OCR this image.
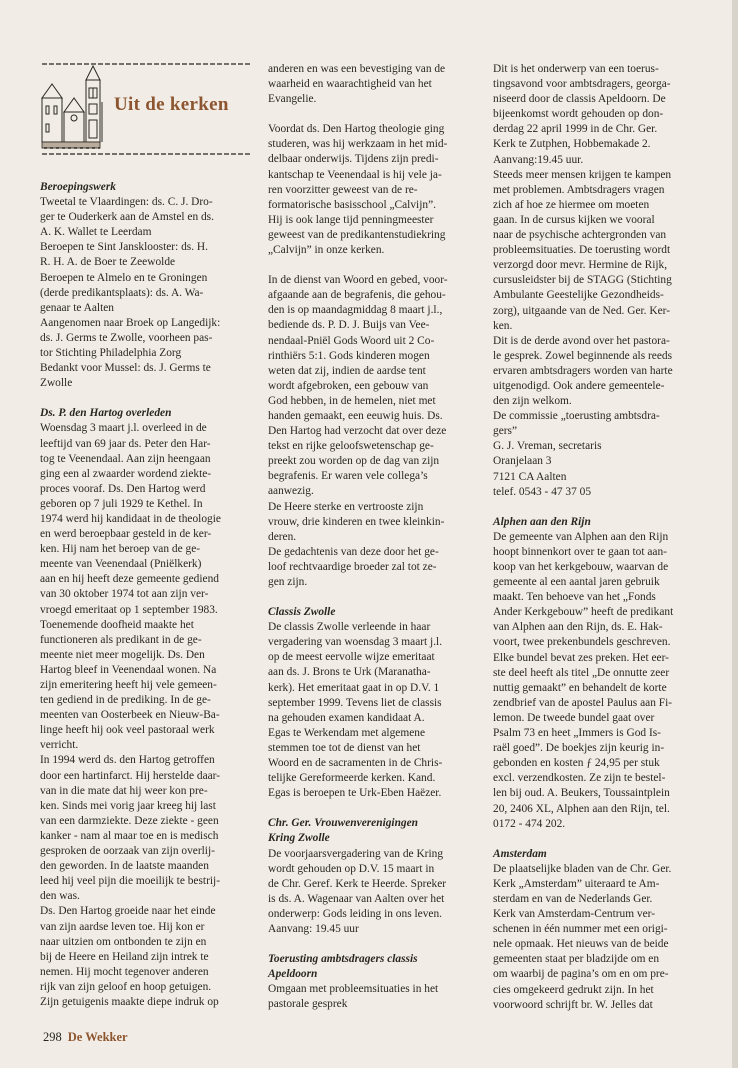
Uit de kerken
Beroepingswerk
Tweetal te Vlaardingen: ds. C. J. Dro-
ger te Ouderkerk aan de Amstel en ds.
A. K. Wallet te Leerdam
Beroepen te Sint Jansklooster: ds. H.
R. H. A. de Boer te Zeewolde
Beroepen te Almelo en te Groningen
(derde predikantsplaats): ds. A. Wa-
genaar te Aalten
Aangenomen naar Broek op Langedijk:
ds. J. Germs te Zwolle, voorheen pas-
tor Stichting Philadelphia Zorg
Bedankt voor Mussel: ds. J. Germs te
Zwolle
Ds. P. den Hartog overleden
Woensdag 3 maart j.l. overleed in de
leeftijd van 69 jaar ds. Peter den Har-
tog te Veenendaal. Aan zijn heengaan
ging een al zwaarder wordend ziekte-
proces vooraf. Ds. Den Hartog werd
geboren op 7 juli 1929 te Kethel. In
1974 werd hij kandidaat in de theologie
en werd beroepbaar gesteld in de ker-
ken. Hij nam het beroep van de ge-
meente van Veenendaal (Pniëlkerk)
aan en hij heeft deze gemeente gediend
van 30 oktober 1974 tot aan zijn ver-
vroegd emeritaat op 1 september 1983.
Toenemende doofheid maakte het
functioneren als predikant in de ge-
meente niet meer mogelijk. Ds. Den
Hartog bleef in Veenendaal wonen. Na
zijn emeritering heeft hij vele gemeen-
ten gediend in de prediking. In de ge-
meenten van Oosterbeek en Nieuw-Ba-
linge heeft hij ook veel pastoraal werk
verricht.
In 1994 werd ds. den Hartog getroffen
door een hartinfarct. Hij herstelde daar-
van in die mate dat hij weer kon pre-
ken. Sinds mei vorig jaar kreeg hij last
van een darmziekte. Deze ziekte - geen
kanker - nam al maar toe en is medisch
gesproken de oorzaak van zijn overlij-
den geworden. In de laatste maanden
leed hij veel pijn die moeilijk te bestrij-
den was.
Ds. Den Hartog groeide naar het einde
van zijn aardse leven toe. Hij kon er
naar uitzien om ontbonden te zijn en
bij de Heere en Heiland zijn intrek te
nemen. Hij mocht tegenover anderen
rijk van zijn geloof en hoop getuigen.
Zijn getuigenis maakte diepe indruk op
anderen en was een bevestiging van de
waarheid en waarachtigheid van het
Evangelie.
Voordat ds. Den Hartog theologie ging
studeren, was hij werkzaam in het mid-
delbaar onderwijs. Tijdens zijn predi-
kantschap te Veenendaal is hij vele ja-
ren voorzitter geweest van de re-
formatorische basisschool „Calvijn”.
Hij is ook lange tijd penningmeester
geweest van de predikantenstudiekring
„Calvijn” in onze kerken.
In de dienst van Woord en gebed, voor-
afgaande aan de begrafenis, die gehou-
den is op maandagmiddag 8 maart j.l.,
bediende ds. P. D. J. Buijs van Vee-
nendaal-Pniël Gods Woord uit 2 Co-
rinthiërs 5:1. Gods kinderen mogen
weten dat zij, indien de aardse tent
wordt afgebroken, een gebouw van
God hebben, in de hemelen, niet met
handen gemaakt, een eeuwig huis. Ds.
Den Hartog had verzocht dat over deze
tekst en rijke geloofswetenschap ge-
preekt zou worden op de dag van zijn
begrafenis. Er waren vele collega’s
aanwezig.
De Heere sterke en vertrooste zijn
vrouw, drie kinderen en twee kleinkin-
deren.
De gedachtenis van deze door het ge-
loof rechtvaardige broeder zal tot ze-
gen zijn.
Classis Zwolle
De classis Zwolle verleende in haar
vergadering van woensdag 3 maart j.l.
op de meest eervolle wijze emeritaat
aan ds. J. Brons te Urk (Maranatha-
kerk). Het emeritaat gaat in op D.V. 1
september 1999. Tevens liet de classis
na gehouden examen kandidaat A.
Egas te Werkendam met algemene
stemmen toe tot de dienst van het
Woord en de sacramenten in de Chris-
telijke Gereformeerde kerken. Kand.
Egas is beroepen te Urk-Eben Haëzer.
Chr. Ger. Vrouwenverenigingen
Kring Zwolle
De voorjaarsvergadering van de Kring
wordt gehouden op D.V. 15 maart in
de Chr. Geref. Kerk te Heerde. Spreker
is ds. A. Wagenaar van Aalten over het
onderwerp: Gods leiding in ons leven.
Aanvang: 19.45 uur
Toerusting ambtsdragers classis
Apeldoorn
Omgaan met probleemsituaties in het
pastorale gesprek
Dit is het onderwerp van een toerus-
tingsavond voor ambtsdragers, georga-
niseerd door de classis Apeldoorn. De
bijeenkomst wordt gehouden op don-
derdag 22 april 1999 in de Chr. Ger.
Kerk te Zutphen, Hobbemakade 2.
Aanvang:19.45 uur.
Steeds meer mensen krijgen te kampen
met problemen. Ambtsdragers vragen
zich af hoe ze hiermee om moeten
gaan. In de cursus kijken we vooral
naar de psychische achtergronden van
probleemsituaties. De toerusting wordt
verzorgd door mevr. Hermine de Rijk,
cursusleidster bij de STAGG (Stichting
Ambulante Geestelijke Gezondheids-
zorg), uitgaande van de Ned. Ger. Ker-
ken.
Dit is de derde avond over het pastora-
le gesprek. Zowel beginnende als reeds
ervaren ambtsdragers worden van harte
uitgenodigd. Ook andere gemeentele-
den zijn welkom.
De commissie „toerusting ambtsdra-
gers”
G. J. Vreman, secretaris
Oranjelaan 3
7121 CA Aalten
telef. 0543 - 47 37 05
Alphen aan den Rijn
De gemeente van Alphen aan den Rijn
hoopt binnenkort over te gaan tot aan-
koop van het kerkgebouw, waarvan de
gemeente al een aantal jaren gebruik
maakt. Ten behoeve van het „Fonds
Ander Kerkgebouw” heeft de predikant
van Alphen aan den Rijn, ds. E. Hak-
voort, twee prekenbundels geschreven.
Elke bundel bevat zes preken. Het eer-
ste deel heeft als titel „De onnutte zeer
nuttig gemaakt” en behandelt de korte
zendbrief van de apostel Paulus aan Fi-
lemon. De tweede bundel gaat over
Psalm 73 en heet „Immers is God Is-
raël goed”. De boekjes zijn keurig in-
gebonden en kosten ƒ 24,95 per stuk
excl. verzendkosten. Ze zijn te bestel-
len bij oud. A. Beukers, Toussaintplein
20, 2406 XL, Alphen aan den Rijn, tel.
0172 - 474 202.
Amsterdam
De plaatselijke bladen van de Chr. Ger.
Kerk „Amsterdam” uiteraard te Am-
sterdam en van de Nederlands Ger.
Kerk van Amsterdam-Centrum ver-
schenen in één nummer met een origi-
nele opmaak. Het nieuws van de beide
gemeenten staat per bladzijde om en
om waarbij de pagina’s om en om pre-
cies omgekeerd gedrukt zijn. In het
voorwoord schrijft br. W. Jelles dat
298 De Wekker
